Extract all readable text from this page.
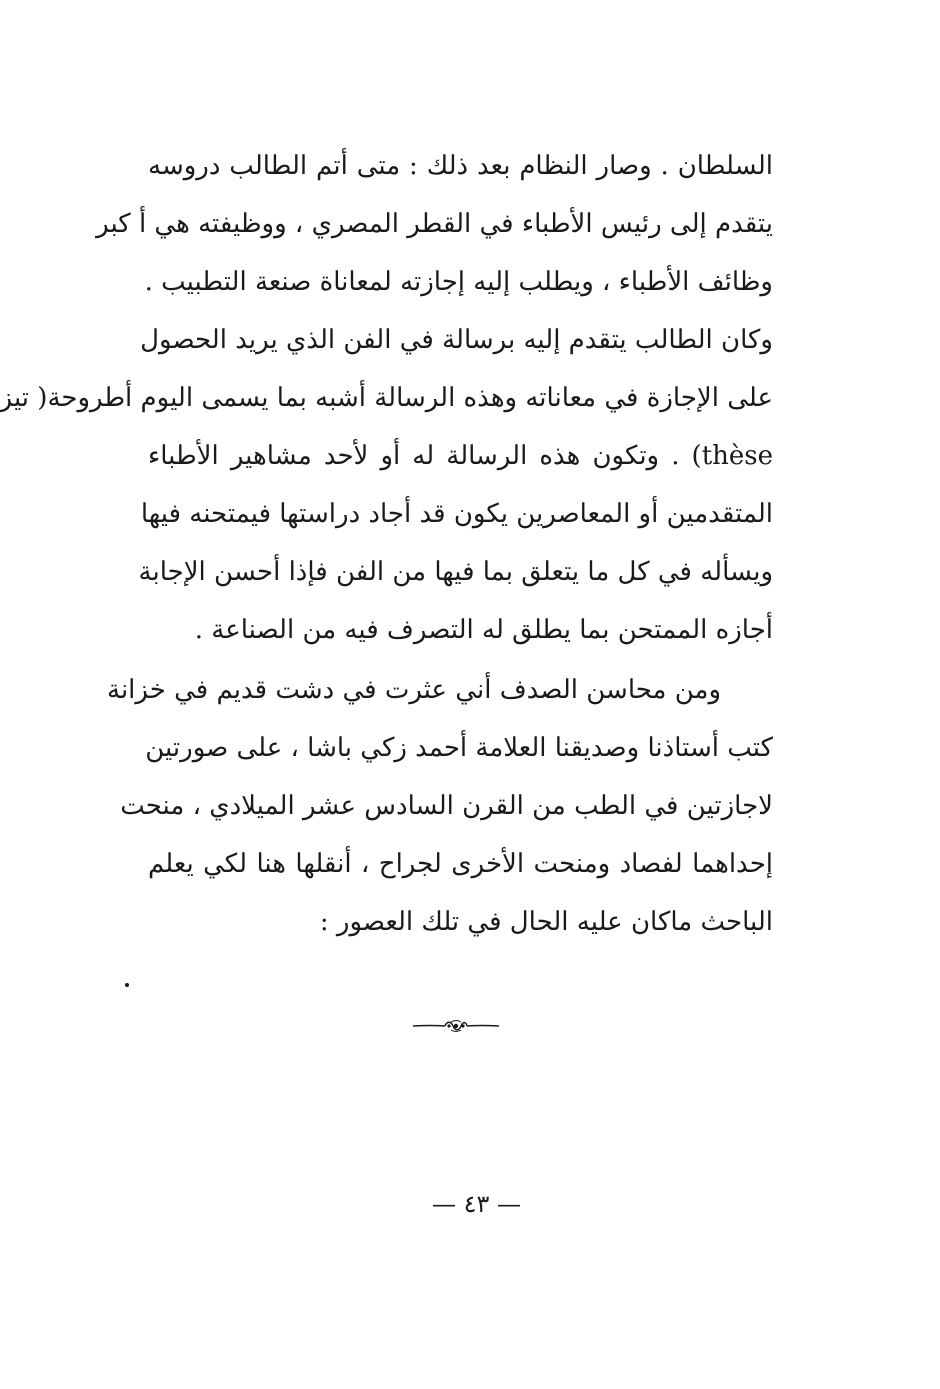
السلطان . وصار النظام بعد ذلك : متى أتم الطالب دروسه
يتقدم إلى رئيس الأطباء في القطر المصري ، ووظيفته هي أ كبر
وظائف الأطباء ، ويطلب إليه إجازته لمعاناة صنعة التطبيب .
وكان الطالب يتقدم إليه برسالة في الفن الذي يريد الحصول
على الإجازة في معاناته وهذه الرسالة أشبه بما يسمى اليوم أطروحة( تيز
thèse) . وتكون هذه الرسالة له أو لأحد مشاهير الأطباء
المتقدمين أو المعاصرين يكون قد أجاد دراستها فيمتحنه فيها
ويسأله في كل ما يتعلق بما فيها من الفن فإذا أحسن الإجابة
أجازه الممتحن بما يطلق له التصرف فيه من الصناعة .
ومن محاسن الصدف أني عثرت في دشت قديم في خزانة
كتب أستاذنا وصديقنا العلامة أحمد زكي باشا ، على صورتين
لاجازتين في الطب من القرن السادس عشر الميلادي ، منحت
إحداهما لفصاد ومنحت الأخرى لجراح ، أنقلها هنا لكي يعلم
الباحث ماكان عليه الحال في تلك العصور :
— ٤٣ —
